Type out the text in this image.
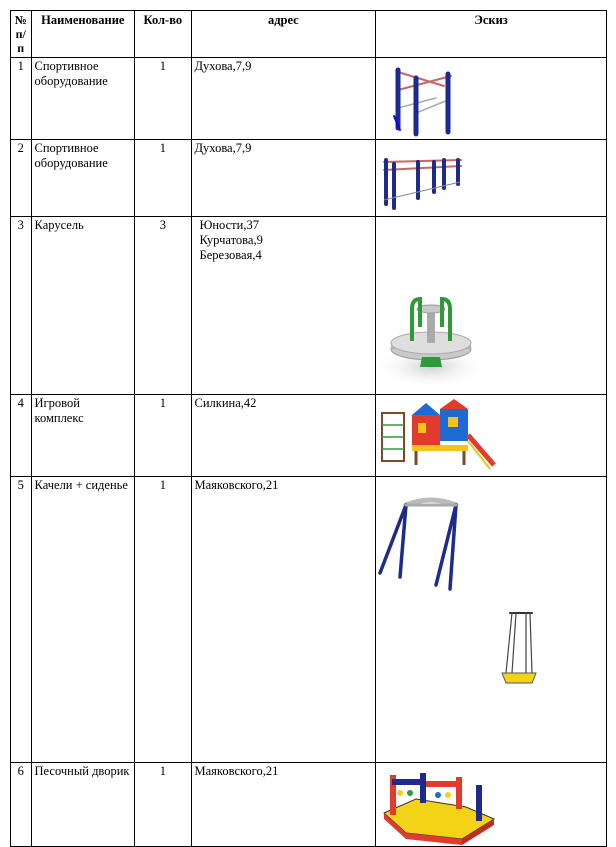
№ п/п	Наименование	Кол-во	адрес	Эскиз
1	Спортивное оборудование	1	Духова,7,9

2	Спортивное оборудование	1	Духова,7,9

3	Карусель	3	Юности,37
Курчатова,9
Березовая,4

4	Игровой комплекс	1	Силкина,42

5	Качели + сиденье	1	Маяковского,21

6	Песочный дворик	1	Маяковского,21
